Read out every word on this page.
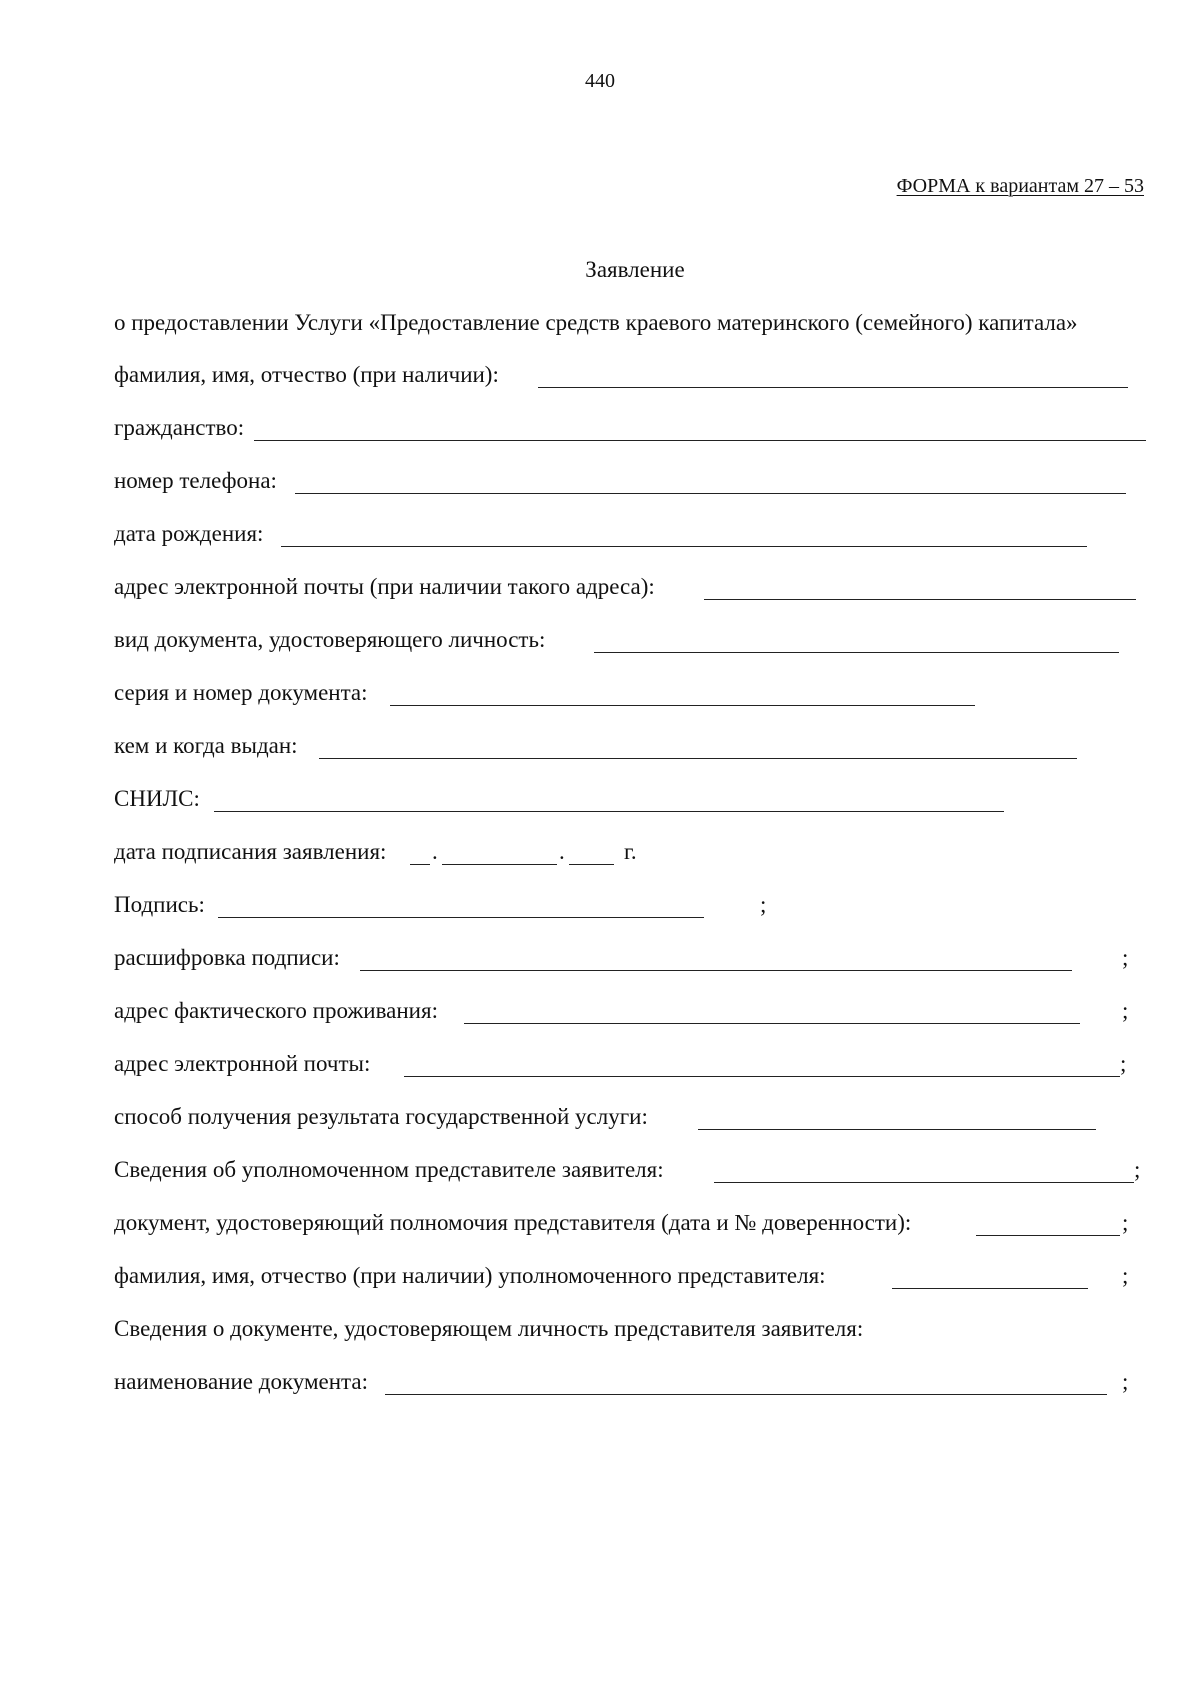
440
ФОРМА к вариантам 27 – 53
Заявление
о предоставлении Услуги «Предоставление средств краевого материнского (семейного) капитала»
фамилия, имя, отчество (при наличии):
гражданство:
номер телефона:
дата рождения:
адрес электронной почты (при наличии такого адреса):
вид документа, удостоверяющего личность:
серия и номер документа:
кем и когда выдан:
СНИЛС:
дата подписания заявления: .	.	г.
Подпись:	;
расшифровка подписи:	;
адрес фактического проживания:	;
адрес электронной почты:	;
способ получения результата государственной услуги:
Сведения об уполномоченном представителе заявителя:	;
документ, удостоверяющий полномочия представителя (дата и № доверенности):	;
фамилия, имя, отчество (при наличии) уполномоченного представителя:	;
Сведения о документе, удостоверяющем личность представителя заявителя:
наименование документа:	;
